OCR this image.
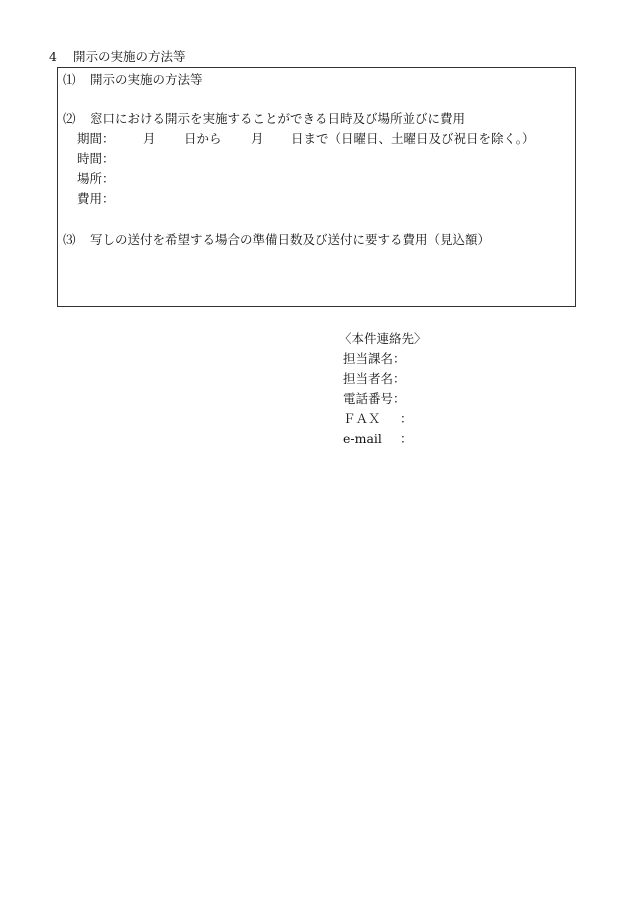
4 開示の実施の方法等
⑴ 開示の実施の方法等
⑵ 窓口における開示を実施することができる日時及び場所並びに費用
期間： 月 日から 月 日まで（日曜日、土曜日及び祝日を除く。）
時間：
場所：
費用：
⑶ 写しの送付を希望する場合の準備日数及び送付に要する費用（見込額）
〈本件連絡先〉
担当課名：
担当者名：
電話番号：
ＦＡＸ ：
e-mail ：
